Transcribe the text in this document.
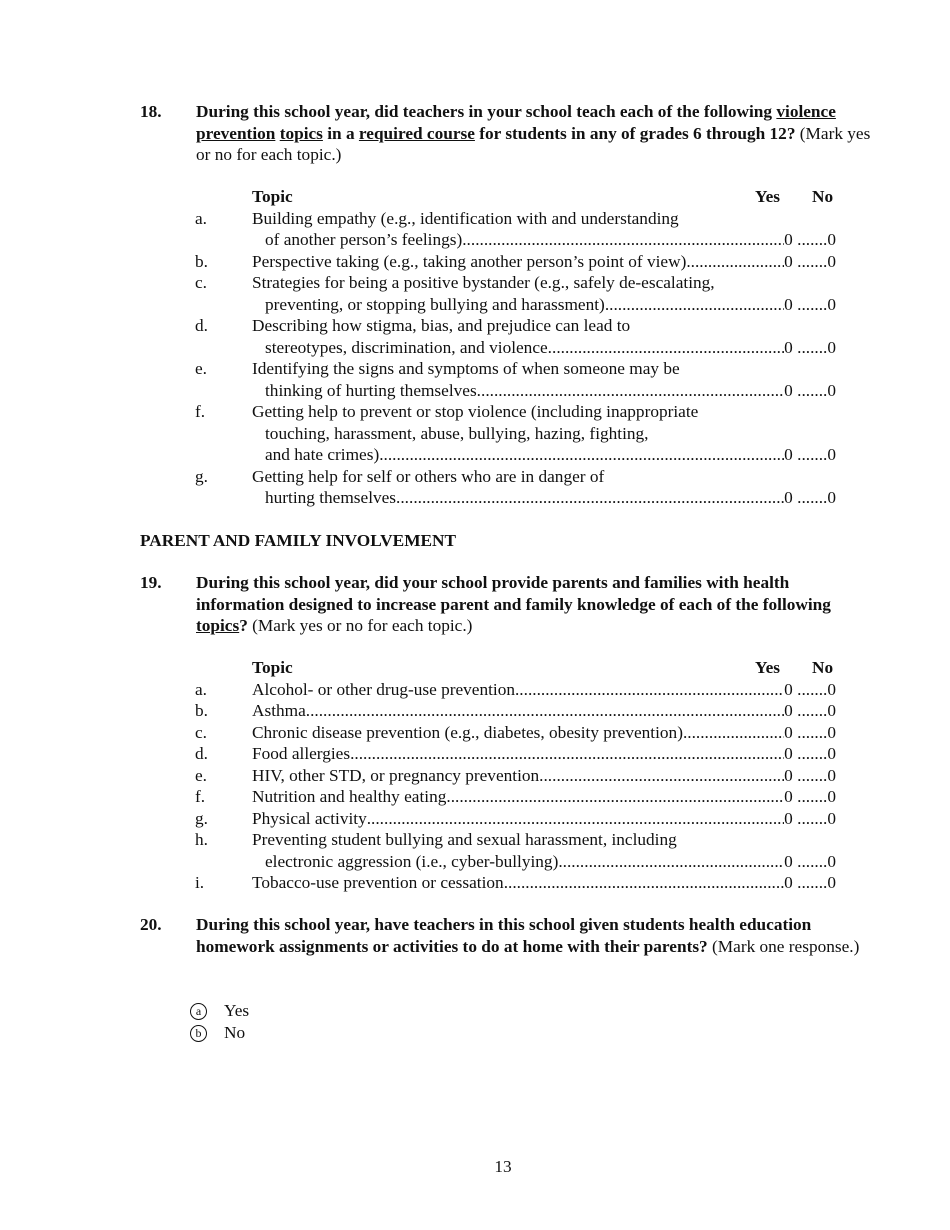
18. During this school year, did teachers in your school teach each of the following violence prevention topics in a required course for students in any of grades 6 through 12? (Mark yes or no for each topic.)
Topic	Yes No
a.	Building empathy (e.g., identification with and understanding
of another person’s feelings) .....	0 .......0
b.	Perspective taking (e.g., taking another person’s point of view) .....	0 .......0
c.	Strategies for being a positive bystander (e.g., safely de-escalating,
preventing, or stopping bullying and harassment) .....	0 .......0
d.	Describing how stigma, bias, and prejudice can lead to
stereotypes, discrimination, and violence .....	0 .......0
e.	Identifying the signs and symptoms of when someone may be
thinking of hurting themselves .....	0 .......0
f.	Getting help to prevent or stop violence (including inappropriate
touching, harassment, abuse, bullying, hazing, fighting,
and hate crimes) .....	0 .......0
g.	Getting help for self or others who are in danger of
hurting themselves .....	0 .......0
PARENT AND FAMILY INVOLVEMENT
19. During this school year, did your school provide parents and families with health information designed to increase parent and family knowledge of each of the following topics? (Mark yes or no for each topic.)
Topic	Yes No
a.	Alcohol- or other drug-use prevention .....	0 .......0
b.	Asthma .....	0 .......0
c.	Chronic disease prevention (e.g., diabetes, obesity prevention) .....	0 .......0
d.	Food allergies .....	0 .......0
e.	HIV, other STD, or pregnancy prevention .....	0 .......0
f.	Nutrition and healthy eating .....	0 .......0
g.	Physical activity .....	0 .......0
h.	Preventing student bullying and sexual harassment, including
electronic aggression (i.e., cyber-bullying) .....	0 .......0
i.	Tobacco-use prevention or cessation .....	0 .......0
20. During this school year, have teachers in this school given students health education homework assignments or activities to do at home with their parents? (Mark one response.)
a	Yes
b	No
13
